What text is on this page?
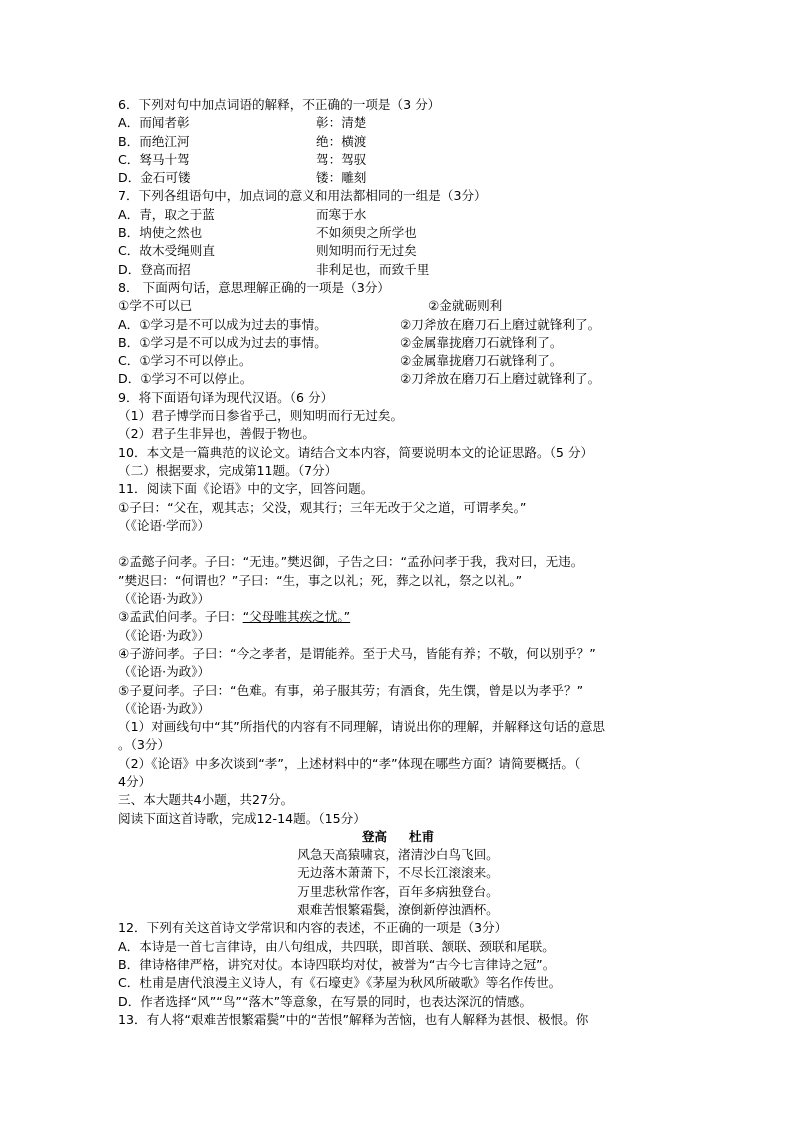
6．下列对句中加点词语的解释，不正确的一项是（3 分）
A．而闻者彰	彰：清楚
B．而绝江河	绝：横渡
C．驽马十驾	驾：驾驭
D．金石可镂	镂：雕刻
7．下列各组语句中，加点词的意义和用法都相同的一组是（3分）
A．青，取之于蓝	而寒于水
B．㘨使之然也	不如须臾之所学也
C．故木受绳则直	则知明而行无过矣
D．登高而招	非利足也，而致千里
8． 下面两句话，意思理解正确的一项是（3分）
①学不可以已	②金就砺则利
A．①学习是不可以成为过去的事情。	②刀斧放在磨刀石上磨过就锋利了。
B．①学习是不可以成为过去的事情。	②金属靠拢磨刀石就锋利了。
C．①学习不可以停止。	②金属靠拢磨刀石就锋利了。
D．①学习不可以停止。	②刀斧放在磨刀石上磨过就锋利了。
9．将下面语句译为现代汉语。（6 分）
（1）君子博学而日参省乎己，则知明而行无过矣。
（2）君子生非异也，善假于物也。
10．本文是一篇典范的议论文。请结合文本内容，简要说明本文的论证思路。（5 分）
（二）根据要求，完成第11题。（7分）
11．阅读下面《论语》中的文字，回答问题。
①子曰：“父在，观其志；父没，观其行；三年无改于父之道，可谓孝矣。”
（《论语·学而》）
②孟懿子问孝。子曰：“无违。”樊迟御，子告之曰：“孟孙问孝于我，我对曰，无违。
”樊迟曰：“何谓也？”子曰：“生，事之以礼；死，葬之以礼，祭之以礼。”
（《论语·为政》）
③孟武伯问孝。子曰：“父母唯其疾之忧。”
（《论语·为政》）
④子游问孝。子曰：“今之孝者，是谓能养。至于犬马，皆能有养；不敬，何以别乎？”
（《论语·为政》）
⑤子夏问孝。子曰：“色难。有事，弟子服其劳；有酒食，先生馔，曾是以为孝乎？”
（《论语·为政》）
（1）对画线句中“其”所指代的内容有不同理解，请说出你的理解，并解释这句话的意思
。（3分）
（2）《论语》中多次谈到“孝”，上述材料中的“孝”体现在哪些方面？请简要概括。（
4分）
三、本大题共4小题，共27分。
阅读下面这首诗歌，完成12-14题。（15分）
登高 杜甫
风急天高猿啸哀，渚清沙白鸟飞回。
无边落木萧萧下，不尽长江滚滚来。
万里悲秋常作客，百年多病独登台。
艰难苦恨繁霜鬓，潦倒新停浊酒杯。
12．下列有关这首诗文学常识和内容的表述，不正确的一项是（3分）
A．本诗是一首七言律诗，由八句组成，共四联，即首联、颔联、颈联和尾联。
B．律诗格律严格，讲究对仗。本诗四联均对仗，被誉为“古今七言律诗之冠”。
C．杜甫是唐代浪漫主义诗人，有《石壕吏》《茅屋为秋风所破歌》等名作传世。
D．作者选择“风”“鸟”“落木”等意象，在写景的同时，也表达深沉的情感。
13．有人将“艰难苦恨繁霜鬓”中的“苦恨”解释为苦恼，也有人解释为甚恨、极恨。你
